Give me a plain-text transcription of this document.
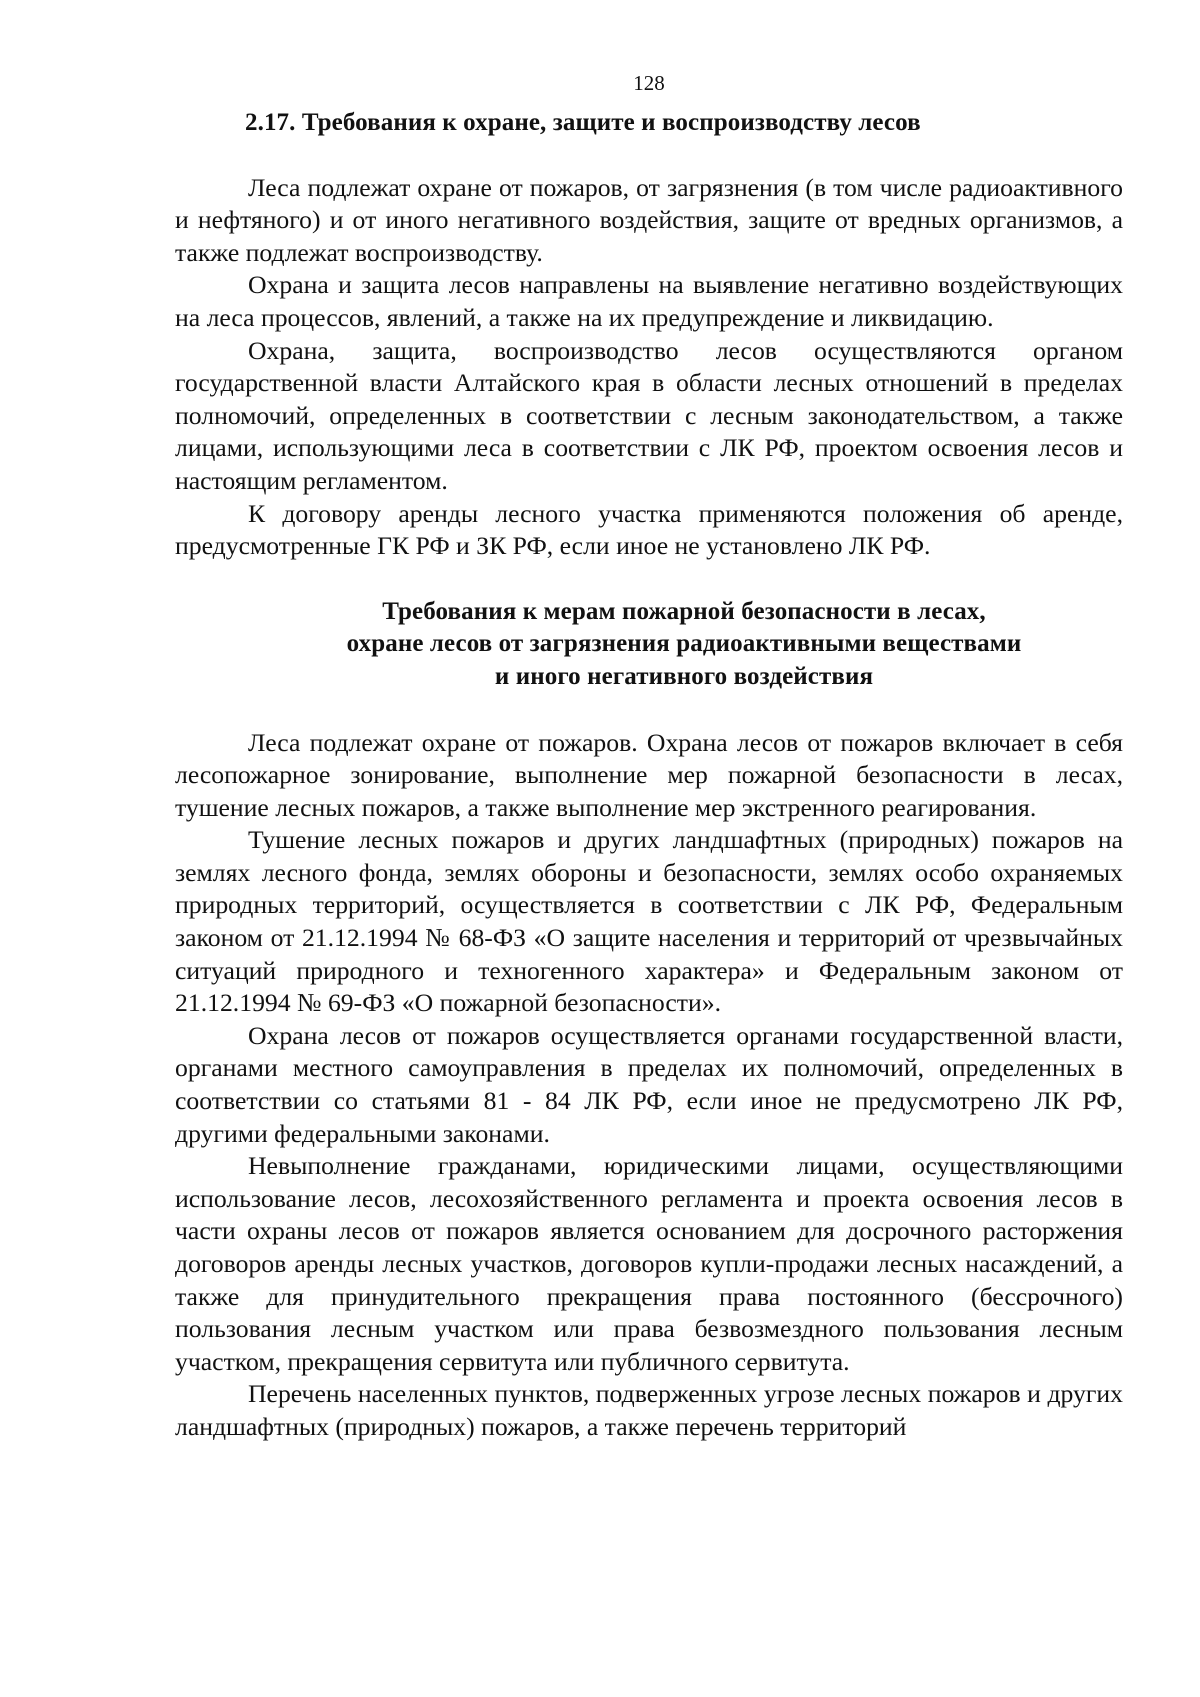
128
2.17. Требования к охране, защите и воспроизводству лесов

Леса подлежат охране от пожаров, от загрязнения (в том числе радиоактивного и нефтяного) и от иного негативного воздействия, защите от вредных организмов, а также подлежат воспроизводству.

Охрана и защита лесов направлены на выявление негативно воздействующих на леса процессов, явлений, а также на их предупреждение и ликвидацию.

Охрана, защита, воспроизводство лесов осуществляются органом государственной власти Алтайского края в области лесных отношений в пределах полномочий, определенных в соответствии с лесным законодательством, а также лицами, использующими леса в соответствии с ЛК РФ, проектом освоения лесов и настоящим регламентом.

К договору аренды лесного участка применяются положения об аренде, предусмотренные ГК РФ и ЗК РФ, если иное не установлено ЛК РФ.

Требования к мерам пожарной безопасности в лесах,
охране лесов от загрязнения радиоактивными веществами
и иного негативного воздействия

Леса подлежат охране от пожаров. Охрана лесов от пожаров включает в себя лесопожарное зонирование, выполнение мер пожарной безопасности в лесах, тушение лесных пожаров, а также выполнение мер экстренного реагирования.

Тушение лесных пожаров и других ландшафтных (природных) пожаров на землях лесного фонда, землях обороны и безопасности, землях особо охраняемых природных территорий, осуществляется в соответствии с ЛК РФ, Федеральным законом от 21.12.1994 № 68-ФЗ «О защите населения и территорий от чрезвычайных ситуаций природного и техногенного характера» и Федеральным законом от 21.12.1994 № 69-ФЗ «О пожарной безопасности».

Охрана лесов от пожаров осуществляется органами государственной власти, органами местного самоуправления в пределах их полномочий, определенных в соответствии со статьями 81 - 84 ЛК РФ, если иное не предусмотрено ЛК РФ, другими федеральными законами.

Невыполнение гражданами, юридическими лицами, осуществляющими использование лесов, лесохозяйственного регламента и проекта освоения лесов в части охраны лесов от пожаров является основанием для досрочного расторжения договоров аренды лесных участков, договоров купли-продажи лесных насаждений, а также для принудительного прекращения права постоянного (бессрочного) пользования лесным участком или права безвозмездного пользования лесным участком, прекращения сервитута или публичного сервитута.

Перечень населенных пунктов, подверженных угрозе лесных пожаров и других ландшафтных (природных) пожаров, а также перечень территорий
